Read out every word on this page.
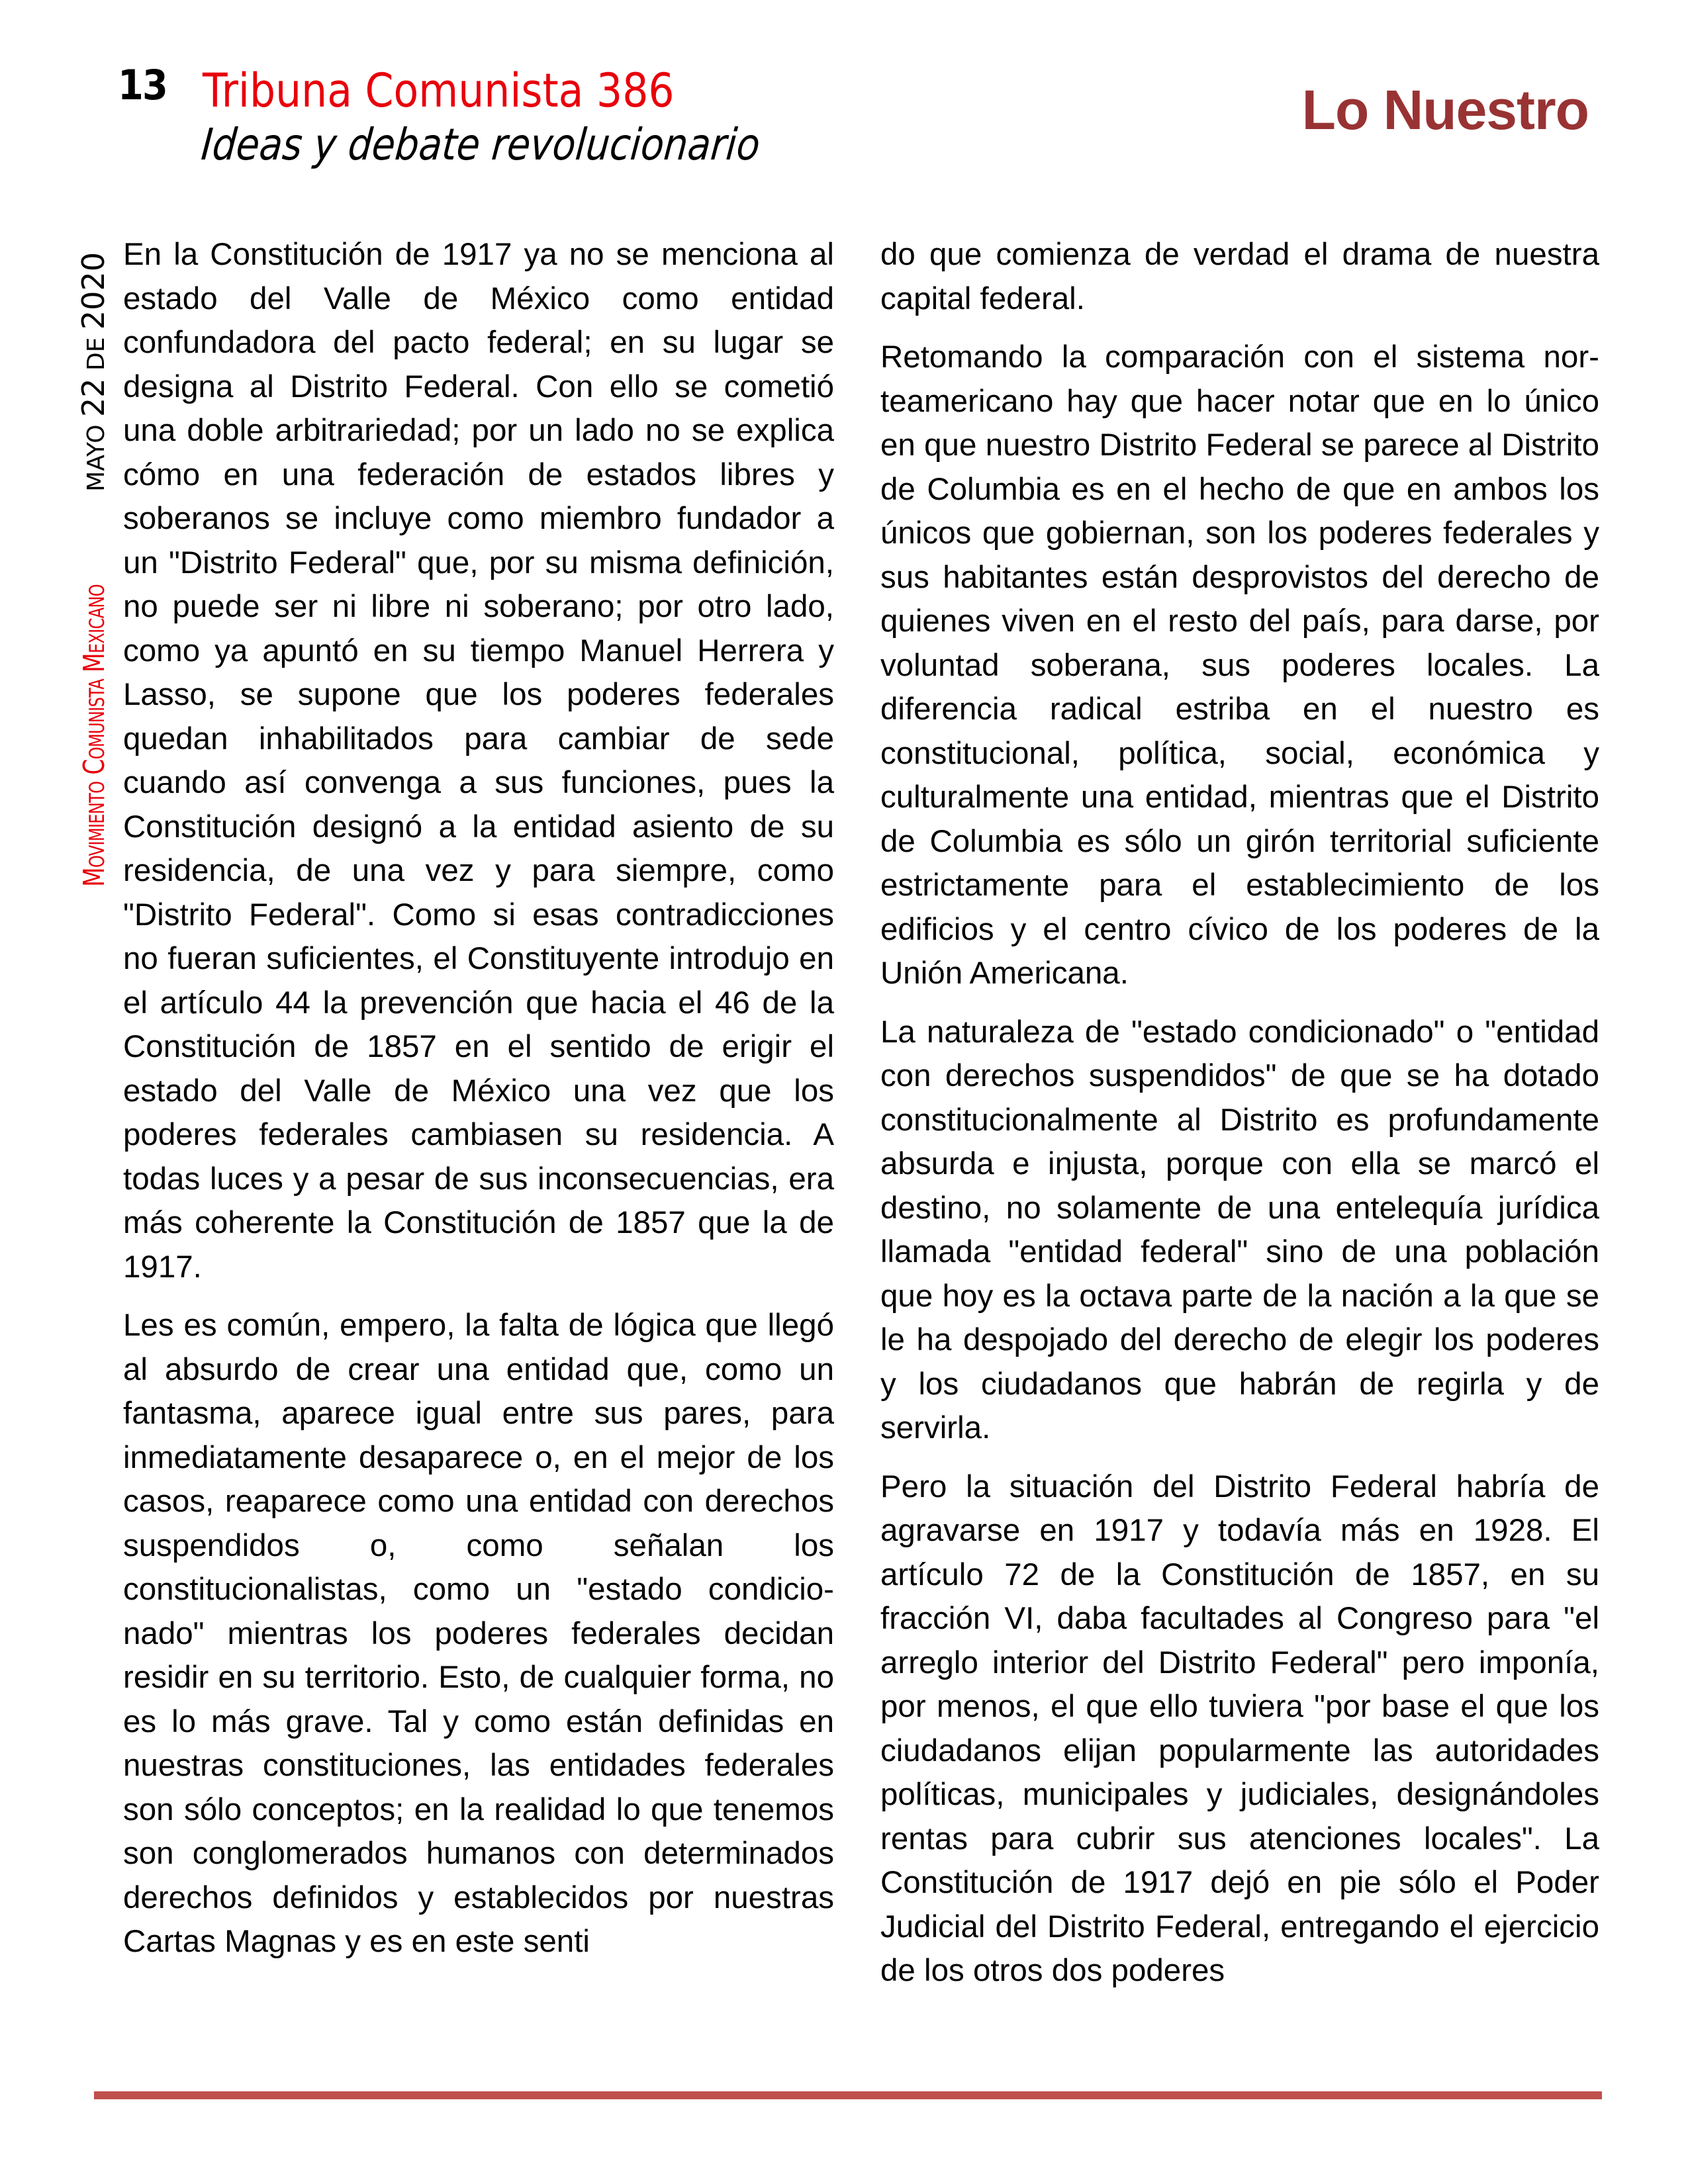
13 Tribuna Comunista 386
Ideas y debate revolucionario
Lo Nuestro
Movimiento Comunista Mexicano MAYO 22 DE 2020 En la Constitución de 1917 ya no se menciona al estado del Valle de México como entidad confundadora del pacto federal; en su lugar se designa al Distrito Federal. Con ello se cometió una doble arbitrariedad; por un lado no se explica cómo en una federación de estados libres y soberanos se incluye como miembro fundador a un "Distrito Federal" que, por su misma definición, no puede ser ni libre ni soberano; por otro lado, como ya apuntó en su tiempo Manuel Herrera y Lasso, se supone que los poderes federales quedan inhabilitados para cambiar de sede cuando así convenga a sus funciones, pues la Constitución designó a la entidad asiento de su residencia, de una vez y para siempre, como "Distrito Federal". Como si esas contradicciones no fueran suficientes, el Constituyente introdujo en el artículo 44 la prevención que hacia el 46 de la Constitución de 1857 en el sentido de erigir el estado del Valle de México una vez que los poderes federales cambiasen su residencia. A todas luces y a pesar de sus inconsecuencias, era más coherente la Constitución de 1857 que la de 1917.

Les es común, empero, la falta de lógica que llegó al absurdo de crear una entidad que, como un fantasma, aparece igual entre sus pares, para inmediatamente desaparece o, en el mejor de los casos, reaparece como una entidad con derechos suspendidos o, como señalan los constitucionalistas, como un "estado condicionado" mientras los poderes federales decidan residir en su territorio. Esto, de cualquier forma, no es lo más grave. Tal y como están definidas en nuestras constituciones, las entidades federales son sólo conceptos; en la realidad lo que tenemos son conglomerados humanos con determinados derechos definidos y establecidos por nuestras Cartas Magnas y es en este senti

do que comienza de verdad el drama de nuestra capital federal.

Retomando la comparación con el sistema norteamericano hay que hacer notar que en lo único en que nuestro Distrito Federal se parece al Distrito de Columbia es en el hecho de que en ambos los únicos que gobiernan, son los poderes federales y sus habitantes están desprovistos del derecho de quienes viven en el resto del país, para darse, por voluntad soberana, sus poderes locales. La diferencia radical estriba en el nuestro es constitucional, política, social, económica y culturalmente una entidad, mientras que el Distrito de Columbia es sólo un girón territorial suficiente estrictamente para el establecimiento de los edificios y el centro cívico de los poderes de la Unión Americana.

La naturaleza de "estado condicionado" o "entidad con derechos suspendidos" de que se ha dotado constitucionalmente al Distrito es profundamente absurda e injusta, porque con ella se marcó el destino, no solamente de una entelequía jurídica llamada "entidad federal" sino de una población que hoy es la octava parte de la nación a la que se le ha despojado del derecho de elegir los poderes y los ciudadanos que habrán de regirla y de servirla.

Pero la situación del Distrito Federal habría de agravarse en 1917 y todavía más en 1928. El artículo 72 de la Constitución de 1857, en su fracción VI, daba facultades al Congreso para "el arreglo interior del Distrito Federal" pero imponía, por menos, el que ello tuviera "por base el que los ciudadanos elijan popularmente las autoridades políticas, municipales y judiciales, designándoles rentas para cubrir sus atenciones locales". La Constitución de 1917 dejó en pie sólo el Poder Judicial del Distrito Federal, entregando el ejercicio de los otros dos poderes
